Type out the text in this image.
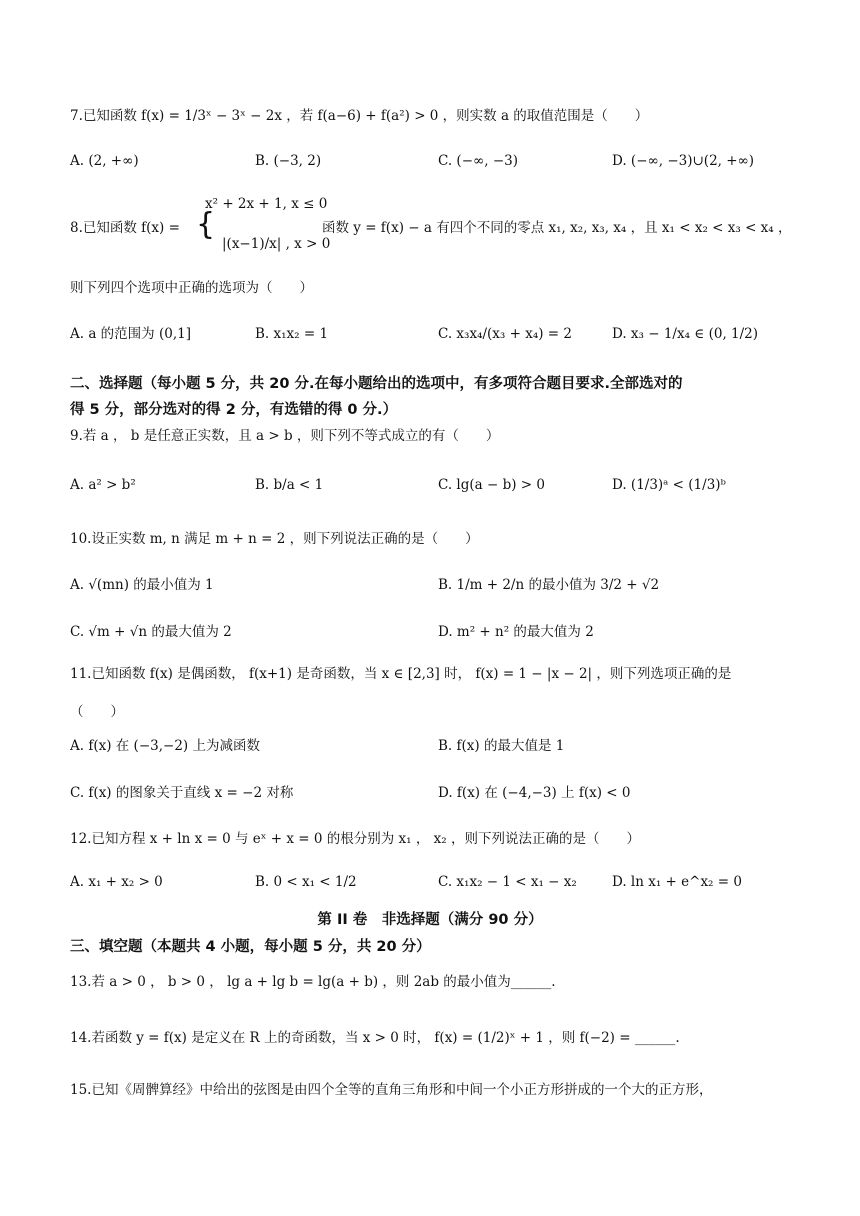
7.已知函数 f(x) = 1/3ˣ − 3ˣ − 2x ，若 f(a−6) + f(a²) > 0 ，则实数 a 的取值范围是（　　）
A. (2, +∞)	B. (−3, 2)	C. (−∞, −3)	D. (−∞, −3)∪(2, +∞)
8.已知函数 f(x) = {
x² + 2x + 1, x ≤ 0
|(x−1)/x| , x > 0
函数 y = f(x) − a 有四个不同的零点 x₁, x₂, x₃, x₄ ，且 x₁ < x₂ < x₃ < x₄ ，
则下列四个选项中正确的选项为（　　）
A. a 的范围为 (0,1]	B. x₁x₂ = 1	C. x₃x₄/(x₃ + x₄) = 2	D. x₃ − 1/x₄ ∈ (0, 1/2)
二、选择题（每小题 5 分，共 20 分.在每小题给出的选项中，有多项符合题目要求.全部选对的
得 5 分，部分选对的得 2 分，有选错的得 0 分.）
9.若 a ， b 是任意正实数，且 a > b ，则下列不等式成立的有（　　）
A. a² > b²	B. b/a < 1	C. lg(a − b) > 0	D. (1/3)ᵃ < (1/3)ᵇ
10.设正实数 m, n 满足 m + n = 2 ，则下列说法正确的是（　　）
A. √(mn) 的最小值为 1	B. 1/m + 2/n 的最小值为 3/2 + √2
C. √m + √n 的最大值为 2	D. m² + n² 的最大值为 2
11.已知函数 f(x) 是偶函数， f(x+1) 是奇函数，当 x ∈ [2,3] 时， f(x) = 1 − |x − 2| ，则下列选项正确的是
（　　）
A. f(x) 在 (−3,−2) 上为减函数	B. f(x) 的最大值是 1
C. f(x) 的图象关于直线 x = −2 对称	D. f(x) 在 (−4,−3) 上 f(x) < 0
12.已知方程 x + ln x = 0 与 eˣ + x = 0 的根分别为 x₁ ， x₂ ，则下列说法正确的是（　　）
A. x₁ + x₂ > 0	B. 0 < x₁ < 1/2	C. x₁x₂ − 1 < x₁ − x₂	D. ln x₁ + e^x₂ = 0
第 II 卷　非选择题（满分 90 分）
三、填空题（本题共 4 小题，每小题 5 分，共 20 分）
13.若 a > 0 ， b > 0 ， lg a + lg b = lg(a + b) ，则 2ab 的最小值为______.
14.若函数 y = f(x) 是定义在 R 上的奇函数，当 x > 0 时， f(x) = (1/2)ˣ + 1 ，则 f(−2) = ______.
15.已知《周髀算经》中给出的弦图是由四个全等的直角三角形和中间一个小正方形拼成的一个大的正方形，
